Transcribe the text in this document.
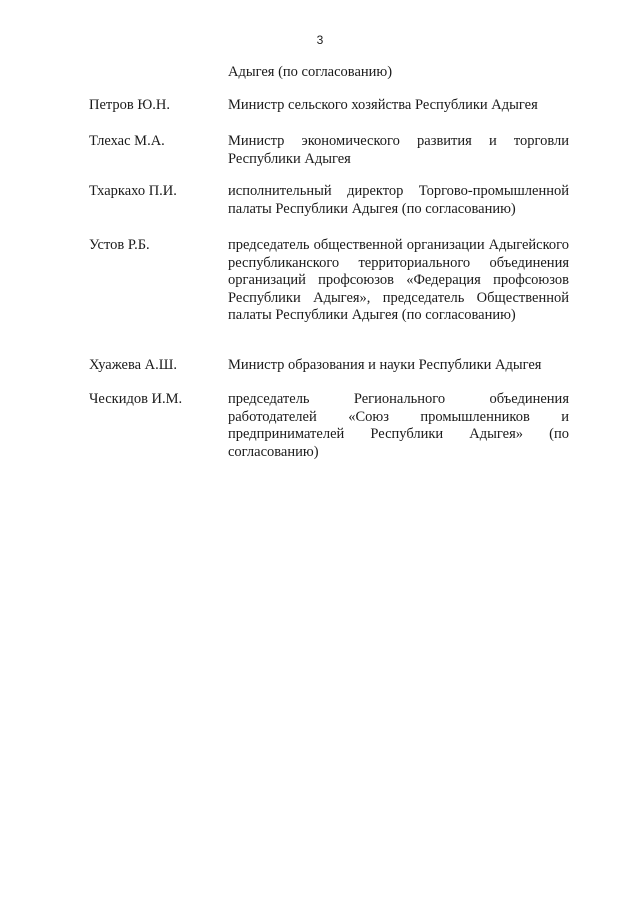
3
Адыгея (по согласованию)
Петров Ю.Н.	Министр сельского хозяйства Республики Адыгея
Тлехас М.А.	Министр экономического развития и торговли Республики Адыгея
Тхаркахо П.И.	исполнительный директор Торгово-промышленной палаты Республики Адыгея (по согласованию)
Устов Р.Б.	председатель общественной организации Адыгейского республиканского территориального объединения организаций профсоюзов «Федерация профсоюзов Республики Адыгея», председатель Общественной палаты Республики Адыгея (по согласованию)
Хуажева А.Ш.	Министр образования и науки Республики Адыгея
Ческидов И.М.	председатель Регионального объединения работодателей «Союз промышленников и предпринимателей Республики Адыгея» (по согласованию)
